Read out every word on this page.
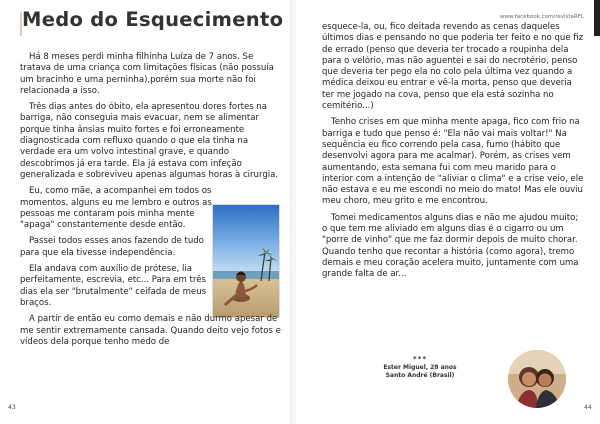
Medo do Esquecimento

Há 8 meses perdi minha filhinha Luíza de 7 anos. Se tratava de uma criança com limitações físicas (não possuía um bracinho e uma perninha),porém sua morte não foi relacionada a isso.

Três dias antes do óbito, ela apresentou dores fortes na barriga, não conseguia mais evacuar, nem se alimentar porque tinha ânsias muito fortes e foi erroneamente diagnosticada com refluxo quando o que ela tinha na verdade era um volvo intestinal grave, e quando descobrimos já era tarde. Ela já estava com infeção generalizada e sobreviveu apenas algumas horas à cirurgia.

Eu, como mãe, a acompanhei em todos os momentos, alguns eu me lembro e outros as pessoas me contaram pois minha mente "apaga" constantemente desde então.

Passei todos esses anos fazendo de tudo para que ela tivesse independência.

Ela andava com auxílio de prótese, lia perfeitamente, escrevia, etc... Para em três dias ela ser "brutalmente" ceifada de meus braços.

A partir de então eu como demais e não durmo apesar de me sentir extremamente cansada. Quando deito vejo fotos e vídeos dela porque tenho medo de

43
www.facebook.com/revistaRFL

esquece-la, ou, fico deitada revendo as cenas daqueles últimos dias e pensando no que poderia ter feito e no que fiz de errado (penso que deveria ter trocado a roupinha dela para o velório, mas não aguentei e sai do necrotério, penso que deveria ter pego ela no colo pela última vez quando a médica deixou eu entrar e vê-la morta, penso que deveria ter me jogado na cova, penso que ela está sozinha no cemitério...)

Tenho crises em que minha mente apaga, fico com frio na barriga e tudo que penso é: "Ela não vai mais voltar!" Na sequência eu fico correndo pela casa, fumo (hábito que desenvolvi agora para me acalmar). Porém, as crises vem aumentando, esta semana fui com meu marido para o interior com a intenção de "aliviar o clima" e a crise veio, ele não estava e eu me escondi no meio do mato! Mas ele ouviu meu choro, meu grito e me encontrou.

Tomei medicamentos alguns dias e não me ajudou muito; o que tem me aliviado em alguns dias é o cigarro ou um "porre de vinho" que me faz dormir depois de muito chorar. Quando tenho que recontar a história (como agora), tremo demais e meu coração acelera muito, juntamente com uma grande falta de ar...

***
Ester Miguel, 28 anos
Santo André (Brasil)
44
